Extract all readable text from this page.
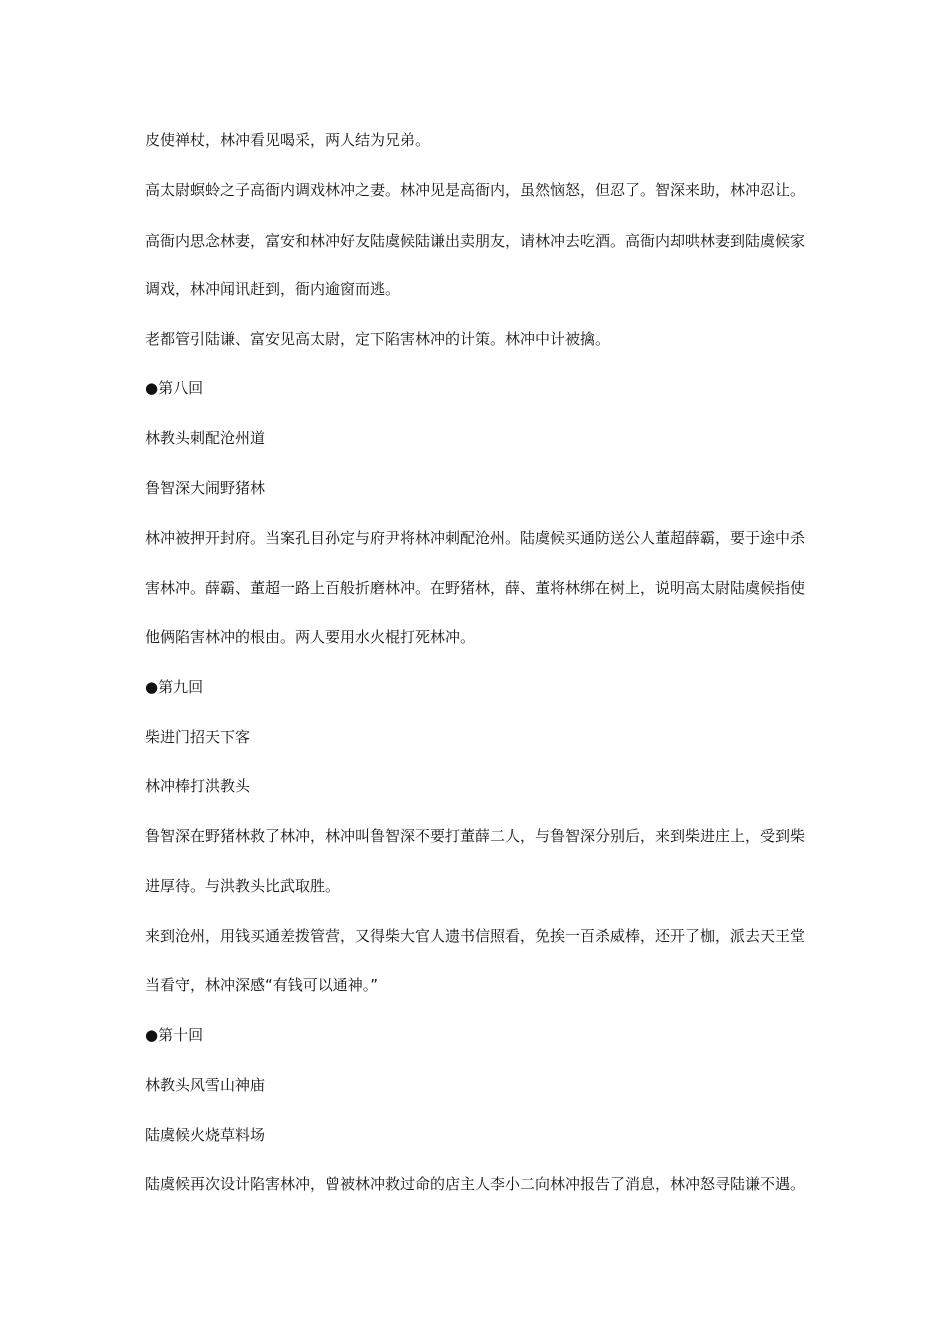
皮使禅杖，林冲看见喝采，两人结为兄弟。

高太尉螟蛉之子高衙内调戏林冲之妻。林冲见是高衙内，虽然恼怒，但忍了。智深来助，林冲忍让。

高衙内思念林妻，富安和林冲好友陆虞候陆谦出卖朋友，请林冲去吃酒。高衙内却哄林妻到陆虞候家

调戏，林冲闻讯赶到，衙内逾窗而逃。

老都管引陆谦、富安见高太尉，定下陷害林冲的计策。林冲中计被擒。

●第八回

林教头刺配沧州道

鲁智深大闹野猪林

林冲被押开封府。当案孔目孙定与府尹将林冲刺配沧州。陆虞候买通防送公人董超薛霸，要于途中杀

害林冲。薛霸、董超一路上百般折磨林冲。在野猪林，薛、董将林绑在树上，说明高太尉陆虞候指使

他俩陷害林冲的根由。两人要用水火棍打死林冲。

●第九回

柴进门招天下客

林冲棒打洪教头

鲁智深在野猪林救了林冲，林冲叫鲁智深不要打董薛二人，与鲁智深分别后，来到柴进庄上，受到柴

进厚待。与洪教头比武取胜。

来到沧州，用钱买通差拨管营，又得柴大官人遗书信照看，免挨一百杀威棒，还开了枷，派去天王堂

当看守，林冲深感“有钱可以通神。”

●第十回

林教头风雪山神庙

陆虞候火烧草料场

陆虞候再次设计陷害林冲，曾被林冲救过命的店主人李小二向林冲报告了消息，林冲怒寻陆谦不遇。
